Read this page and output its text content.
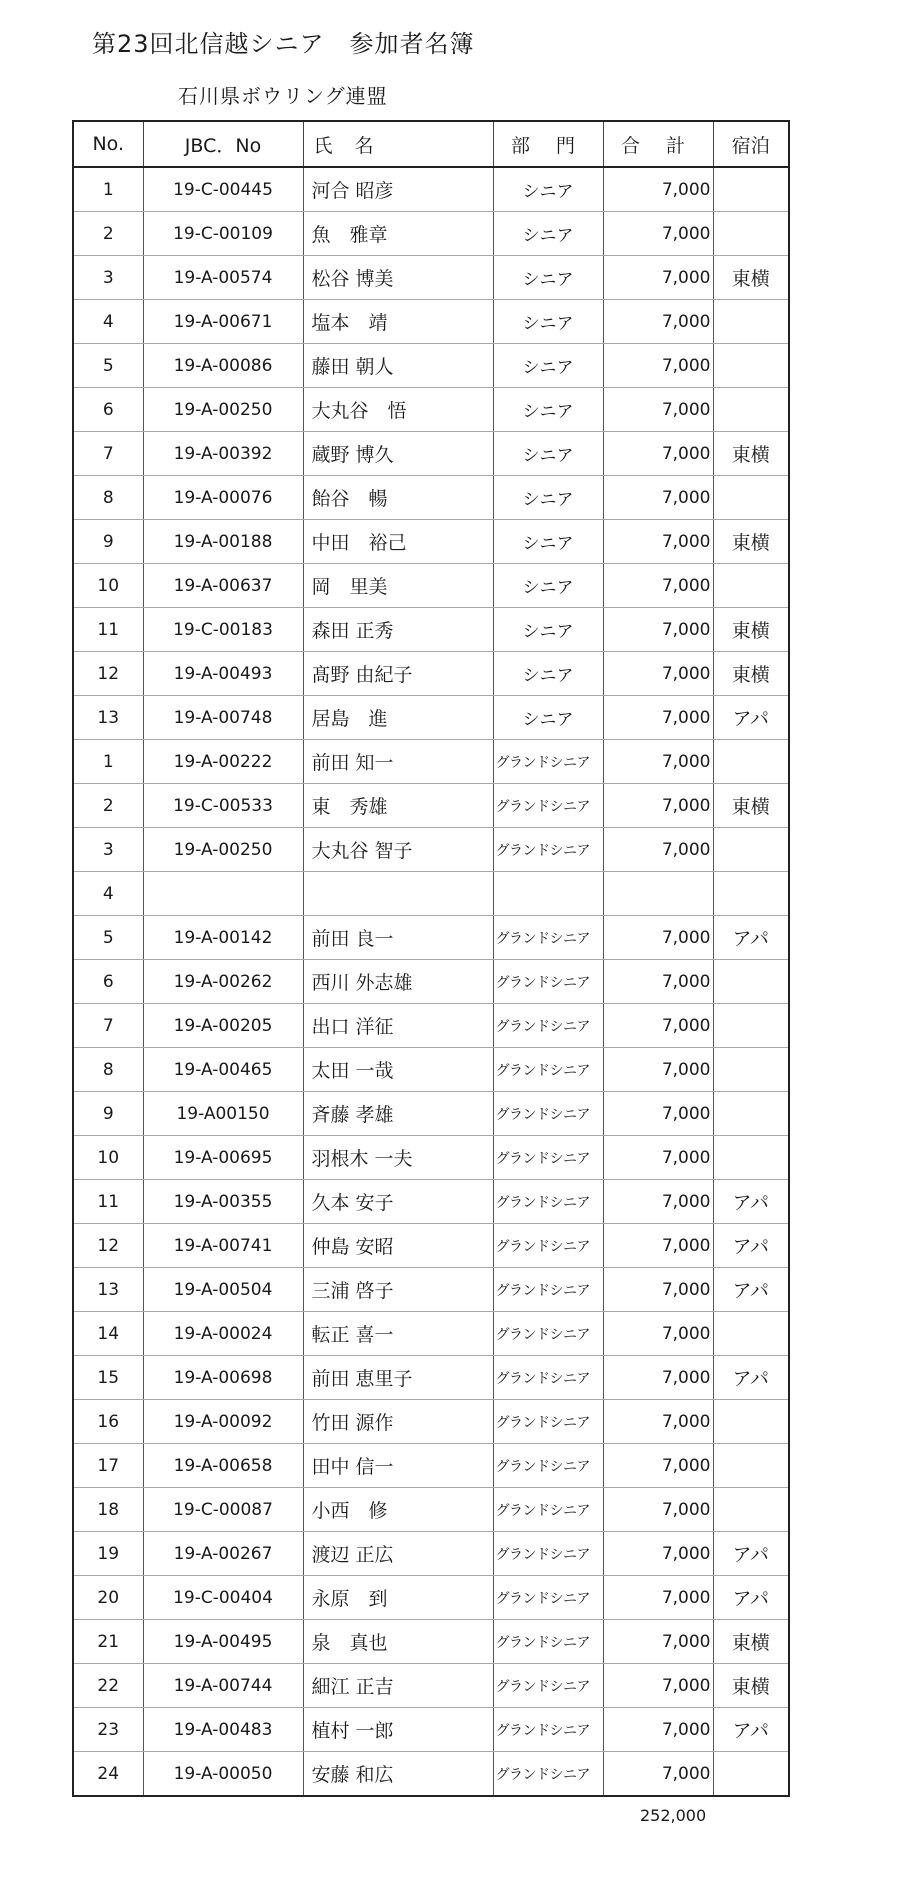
第23回北信越シニア　参加者名簿
石川県ボウリング連盟
No.	JBC．No	氏 名	部 門	合 計	宿泊
1	19-C-00445	河合 昭彦	シニア	7,000	
2	19-C-00109	魚　雅章	シニア	7,000	
3	19-A-00574	松谷 博美	シニア	7,000	東横
4	19-A-00671	塩本　靖	シニア	7,000	
5	19-A-00086	藤田 朝人	シニア	7,000	
6	19-A-00250	大丸谷　悟	シニア	7,000	
7	19-A-00392	蔵野 博久	シニア	7,000	東横
8	19-A-00076	飴谷　暢	シニア	7,000	
9	19-A-00188	中田　裕己	シニア	7,000	東横
10	19-A-00637	岡　里美	シニア	7,000	
11	19-C-00183	森田 正秀	シニア	7,000	東横
12	19-A-00493	髙野 由紀子	シニア	7,000	東横
13	19-A-00748	居島　進	シニア	7,000	アパ
1	19-A-00222	前田 知一	グランドシニア	7,000	
2	19-C-00533	東　秀雄	グランドシニア	7,000	東横
3	19-A-00250	大丸谷 智子	グランドシニア	7,000	
4					
5	19-A-00142	前田 良一	グランドシニア	7,000	アパ
6	19-A-00262	西川 外志雄	グランドシニア	7,000	
7	19-A-00205	出口 洋征	グランドシニア	7,000	
8	19-A-00465	太田 一哉	グランドシニア	7,000	
9	19-A00150	斉藤 孝雄	グランドシニア	7,000	
10	19-A-00695	羽根木 一夫	グランドシニア	7,000	
11	19-A-00355	久本 安子	グランドシニア	7,000	アパ
12	19-A-00741	仲島 安昭	グランドシニア	7,000	アパ
13	19-A-00504	三浦 啓子	グランドシニア	7,000	アパ
14	19-A-00024	転正 喜一	グランドシニア	7,000	
15	19-A-00698	前田 恵里子	グランドシニア	7,000	アパ
16	19-A-00092	竹田 源作	グランドシニア	7,000	
17	19-A-00658	田中 信一	グランドシニア	7,000	
18	19-C-00087	小西　修	グランドシニア	7,000	
19	19-A-00267	渡辺 正広	グランドシニア	7,000	アパ
20	19-C-00404	永原　到	グランドシニア	7,000	アパ
21	19-A-00495	泉　真也	グランドシニア	7,000	東横
22	19-A-00744	細江 正吉	グランドシニア	7,000	東横
23	19-A-00483	植村 一郎	グランドシニア	7,000	アパ
24	19-A-00050	安藤 和広	グランドシニア	7,000	
252,000
